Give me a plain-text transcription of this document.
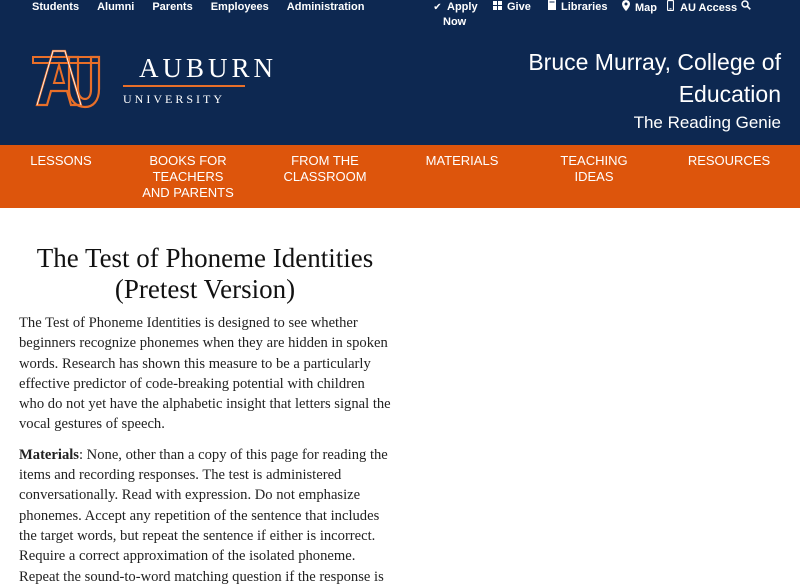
Students Alumni Parents Employees Administration	✔ Apply
Now
Give	Libraries	Map	AU Access
AUBURN
UNIVERSITY
Bruce Murray, College of Education
The Reading Genie
LESSONS	BOOKS FOR TEACHERS AND PARENTS
FROM THE CLASSROOM
MATERIALS	TEACHING IDEAS
RESOURCES
The Test of Phoneme Identities (Pretest Version)

The Test of Phoneme Identities is designed to see whether beginners recognize phonemes when they are hidden in spoken words. Research has shown this measure to be a particularly effective predictor of code-breaking potential with children who do not yet have the alphabetic insight that letters signal the vocal gestures of speech.

Materials: None, other than a copy of this page for reading the items and recording responses. The test is administered conversationally. Read with expression. Do not emphasize phonemes. Accept any repetition of the sentence that includes the target words, but repeat the sentence if either is incorrect. Require a correct approximation of the isolated phoneme. Repeat the sound-to-word matching question if the response is
